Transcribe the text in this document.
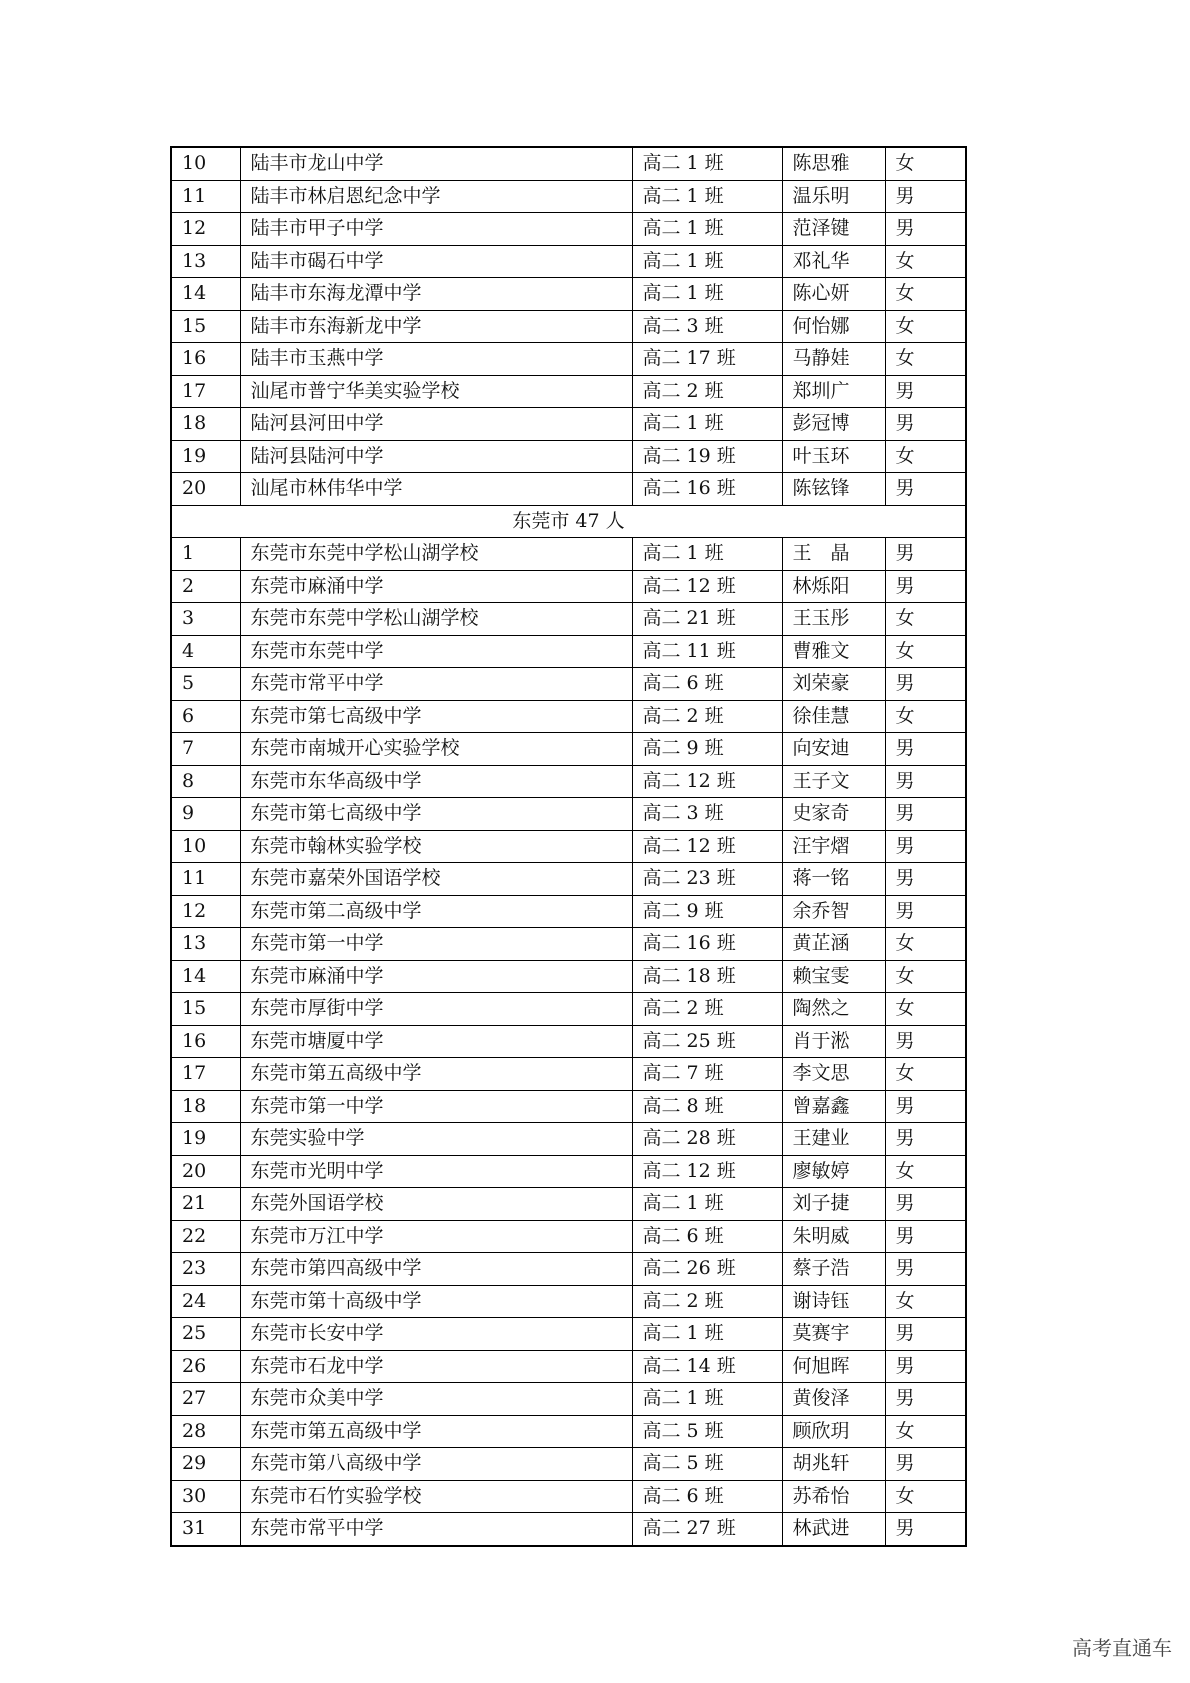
10	陆丰市龙山中学	高二 1 班	陈思雅	女
11	陆丰市林启恩纪念中学	高二 1 班	温乐明	男
12	陆丰市甲子中学	高二 1 班	范泽键	男
13	陆丰市碣石中学	高二 1 班	邓礼华	女
14	陆丰市东海龙潭中学	高二 1 班	陈心妍	女
15	陆丰市东海新龙中学	高二 3 班	何怡娜	女
16	陆丰市玉燕中学	高二 17 班	马静娃	女
17	汕尾市普宁华美实验学校	高二 2 班	郑圳广	男
18	陆河县河田中学	高二 1 班	彭冠博	男
19	陆河县陆河中学	高二 19 班	叶玉环	女
20	汕尾市林伟华中学	高二 16 班	陈铉锋	男
东莞市 47 人				
1	东莞市东莞中学松山湖学校	高二 1 班	王　晶	男
2	东莞市麻涌中学	高二 12 班	林烁阳	男
3	东莞市东莞中学松山湖学校	高二 21 班	王玉彤	女
4	东莞市东莞中学	高二 11 班	曹雅文	女
5	东莞市常平中学	高二 6 班	刘荣豪	男
6	东莞市第七高级中学	高二 2 班	徐佳慧	女
7	东莞市南城开心实验学校	高二 9 班	向安迪	男
8	东莞市东华高级中学	高二 12 班	王子文	男
9	东莞市第七高级中学	高二 3 班	史家奇	男
10	东莞市翰林实验学校	高二 12 班	汪宇熠	男
11	东莞市嘉荣外国语学校	高二 23 班	蒋一铭	男
12	东莞市第二高级中学	高二 9 班	余乔智	男
13	东莞市第一中学	高二 16 班	黄芷涵	女
14	东莞市麻涌中学	高二 18 班	赖宝雯	女
15	东莞市厚街中学	高二 2 班	陶然之	女
16	东莞市塘厦中学	高二 25 班	肖于淞	男
17	东莞市第五高级中学	高二 7 班	李文思	女
18	东莞市第一中学	高二 8 班	曾嘉鑫	男
19	东莞实验中学	高二 28 班	王建业	男
20	东莞市光明中学	高二 12 班	廖敏婷	女
21	东莞外国语学校	高二 1 班	刘子捷	男
22	东莞市万江中学	高二 6 班	朱明威	男
23	东莞市第四高级中学	高二 26 班	蔡子浩	男
24	东莞市第十高级中学	高二 2 班	谢诗钰	女
25	东莞市长安中学	高二 1 班	莫赛宇	男
26	东莞市石龙中学	高二 14 班	何旭晖	男
27	东莞市众美中学	高二 1 班	黄俊泽	男
28	东莞市第五高级中学	高二 5 班	顾欣玥	女
29	东莞市第八高级中学	高二 5 班	胡兆轩	男
30	东莞市石竹实验学校	高二 6 班	苏希怡	女
31	东莞市常平中学	高二 27 班	林武进	男
高考直通车
